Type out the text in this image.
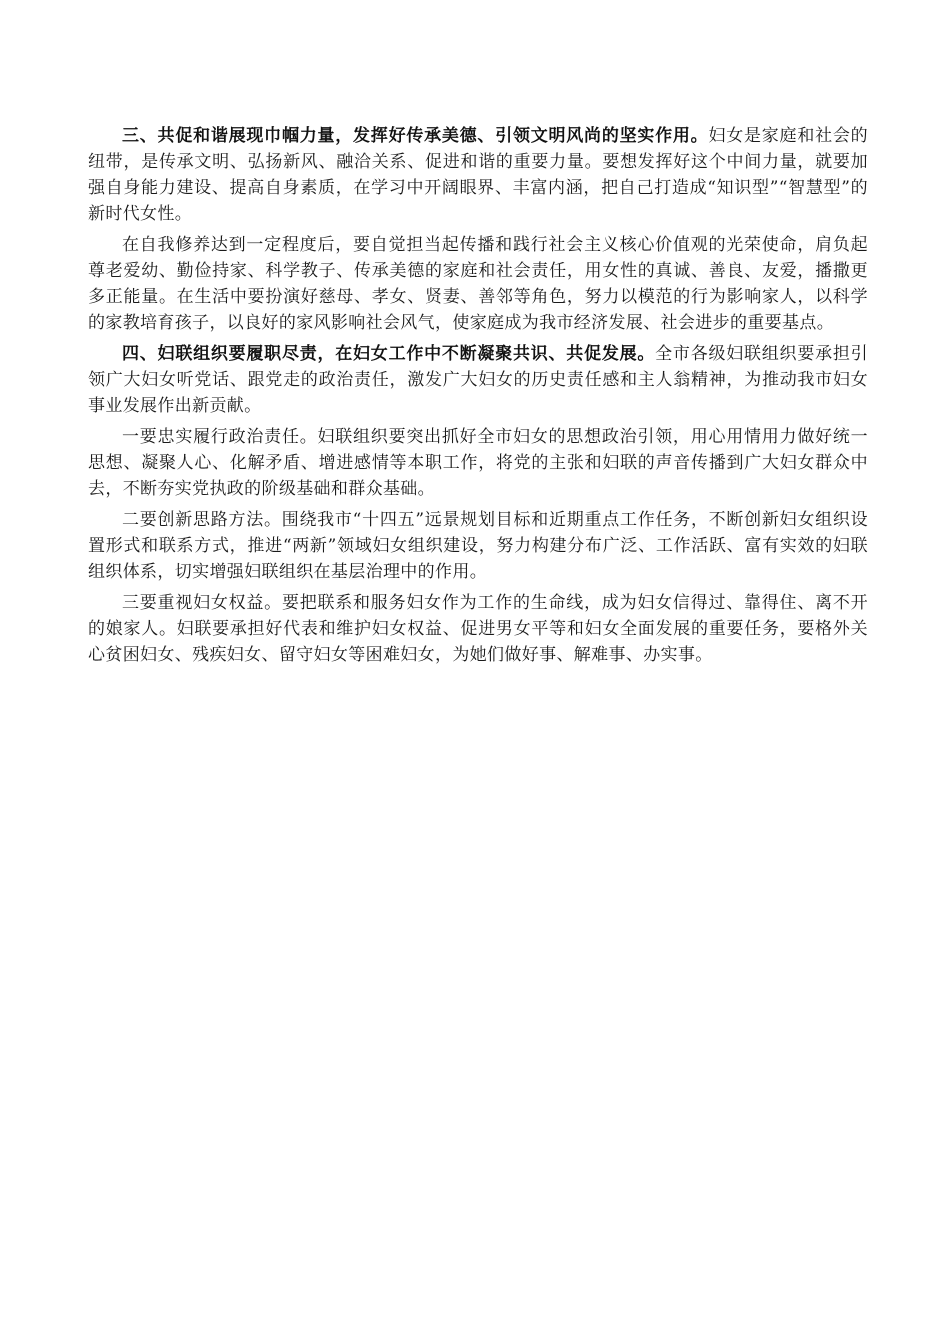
三、共促和谐展现巾帼力量，发挥好传承美德、引领文明风尚的坚实作用。妇女是家庭和社会的纽带，是传承文明、弘扬新风、融洽关系、促进和谐的重要力量。要想发挥好这个中间力量，就要加强自身能力建设、提高自身素质，在学习中开阔眼界、丰富内涵，把自己打造成“知识型”“智慧型”的新时代女性。

在自我修养达到一定程度后，要自觉担当起传播和践行社会主义核心价值观的光荣使命，肩负起尊老爱幼、勤俭持家、科学教子、传承美德的家庭和社会责任，用女性的真诚、善良、友爱，播撒更多正能量。在生活中要扮演好慈母、孝女、贤妻、善邻等角色，努力以模范的行为影响家人，以科学的家教培育孩子，以良好的家风影响社会风气，使家庭成为我市经济发展、社会进步的重要基点。

四、妇联组织要履职尽责，在妇女工作中不断凝聚共识、共促发展。全市各级妇联组织要承担引领广大妇女听党话、跟党走的政治责任，激发广大妇女的历史责任感和主人翁精神，为推动我市妇女事业发展作出新贡献。

一要忠实履行政治责任。妇联组织要突出抓好全市妇女的思想政治引领，用心用情用力做好统一思想、凝聚人心、化解矛盾、增进感情等本职工作，将党的主张和妇联的声音传播到广大妇女群众中去，不断夯实党执政的阶级基础和群众基础。

二要创新思路方法。围绕我市“十四五”远景规划目标和近期重点工作任务，不断创新妇女组织设置形式和联系方式，推进“两新”领域妇女组织建设，努力构建分布广泛、工作活跃、富有实效的妇联组织体系，切实增强妇联组织在基层治理中的作用。

三要重视妇女权益。要把联系和服务妇女作为工作的生命线，成为妇女信得过、靠得住、离不开的娘家人。妇联要承担好代表和维护妇女权益、促进男女平等和妇女全面发展的重要任务，要格外关心贫困妇女、残疾妇女、留守妇女等困难妇女，为她们做好事、解难事、办实事。
